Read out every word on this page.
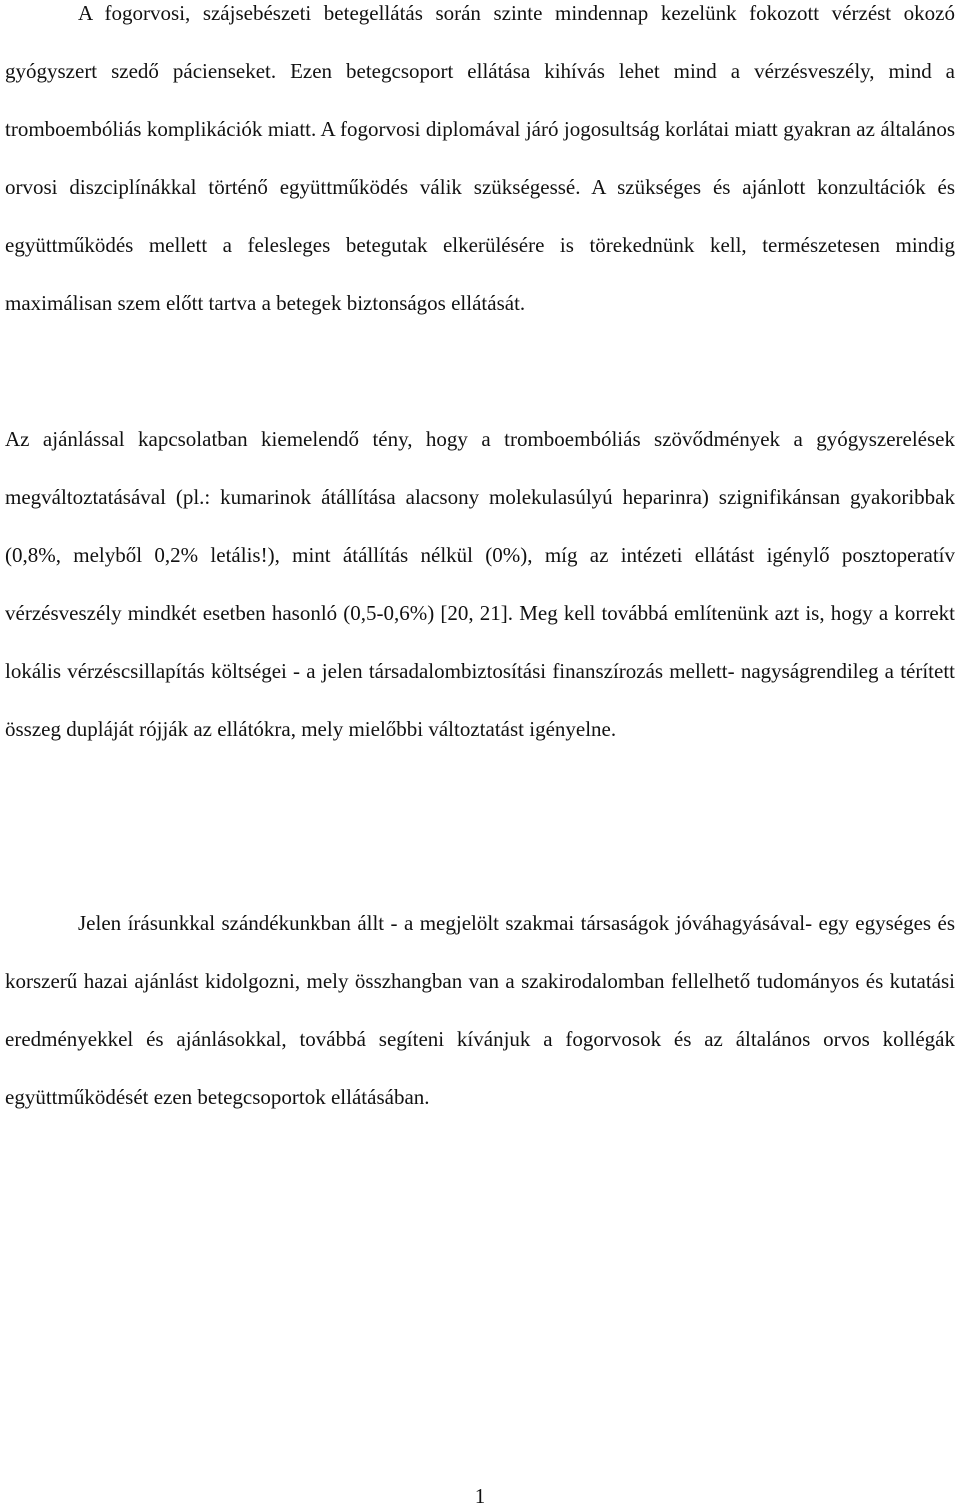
A fogorvosi, szájsebészeti betegellátás során szinte mindennap kezelünk fokozott vérzést okozó gyógyszert szedő pácienseket. Ezen betegcsoport ellátása kihívás lehet mind a vérzésveszély, mind a tromboembóliás komplikációk miatt. A fogorvosi diplomával járó jogosultság korlátai miatt gyakran az általános orvosi diszciplínákkal történő együttműködés válik szükségessé. A szükséges és ajánlott konzultációk és együttműködés mellett a felesleges betegutak elkerülésére is törekednünk kell, természetesen mindig maximálisan szem előtt tartva a betegek biztonságos ellátását.

Az ajánlással kapcsolatban kiemelendő tény, hogy a tromboembóliás szövődmények a gyógyszerelések megváltoztatásával (pl.: kumarinok átállítása alacsony molekulasúlyú heparinra) szignifikánsan gyakoribbak (0,8%, melyből 0,2% letális!), mint átállítás nélkül (0%), míg az intézeti ellátást igénylő posztoperatív vérzésveszély mindkét esetben hasonló (0,5-0,6%) [20, 21]. Meg kell továbbá említenünk azt is, hogy a korrekt lokális vérzéscsillapítás költségei - a jelen társadalombiztosítási finanszírozás mellett- nagyságrendileg a térített összeg dupláját rójják az ellátókra, mely mielőbbi változtatást igényelne.

Jelen írásunkkal szándékunkban állt - a megjelölt szakmai társaságok jóváhagyásával- egy egységes és korszerű hazai ajánlást kidolgozni, mely összhangban van a szakirodalomban fellelhető tudományos és kutatási eredményekkel és ajánlásokkal, továbbá segíteni kívánjuk a fogorvosok és az általános orvos kollégák együttműködését ezen betegcsoportok ellátásában.

1
